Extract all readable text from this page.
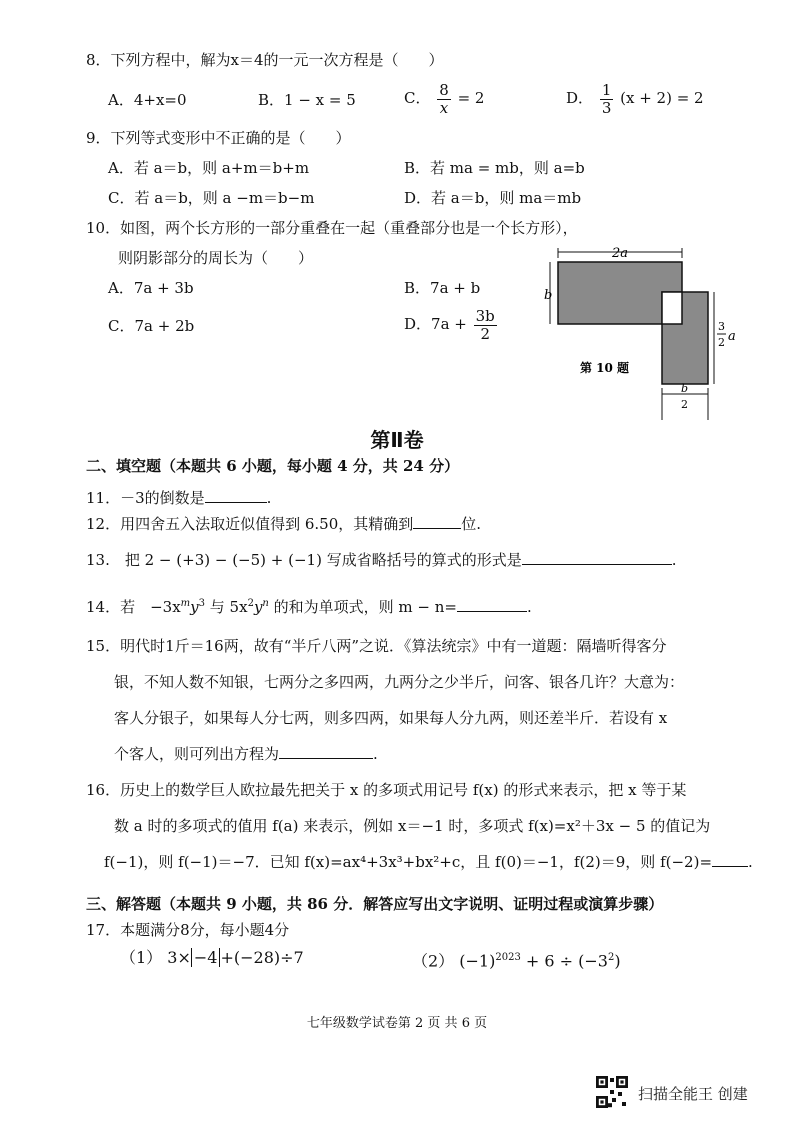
8．下列方程中，解为x＝4的一元一次方程是（　　）
A．4+x=0	B．1 − x = 5	C． $\frac{8}{x} = 2$	D． $\frac{1}{3} (x + 2) = 2$
9．下列等式变形中不正确的是（　　）
A．若 a＝b，则 a+m＝b+m	B．若 ma = mb，则 a=b
C．若 a＝b，则 a −m＝b−m	D．若 a＝b，则 ma＝mb
10．如图，两个长方形的一部分重叠在一起（重叠部分也是一个长方形），
则阴影部分的周长为（　　）
A．7a + 3b	B．7a + b
C．7a + 2b	D．$7a + \frac{3b}{2}$
2a
b
3
2 a
b
2
第 10 题
第Ⅱ卷
二、填空题（本题共 6 小题，每小题 4 分，共 24 分）
11．－3的倒数是	.
12．用四舍五入法取近似值得到 6.50，其精确到	位.
13.　把 2 − (+3) − (−5) + (−1) 写成省略括号的算式的形式是	.
14．若　$-3x^my^3$ 与 $5x^2y^n$ 的和为单项式，则 m − n=	.
15．明代时1斤＝16两，故有“半斤八两”之说．《算法统宗》中有一道题：隔墙听得客分
银，不知人数不知银，七两分之多四两，九两分之少半斤，问客、银各几许？大意为：
客人分银子，如果每人分七两，则多四两，如果每人分九两，则还差半斤．若设有 x
个客人，则可列出方程为	.
16．历史上的数学巨人欧拉最先把关于 x 的多项式用记号 f(x) 的形式来表示，把 x 等于某
数 a 时的多项式的值用 f(a) 来表示，例如 x＝−1 时，多项式 f(x)=x²＋3x − 5 的值记为
f(−1)，则 f(−1)＝−7．已知 f(x)=ax⁴+3x³+bx²+c，且 f(0)＝−1，f(2)＝9，则 f(−2)= .
三、解答题（本题共 9 小题，共 86 分．解答应写出文字说明、证明过程或演算步骤）
17．本题满分8分，每小题4分
（1） 3× −4 +(−28)÷7	（2） $(-1)^{2023} + 6 \div (-3^2)$
七年级数学试卷第 2 页 共 6 页
扫描全能王 创建
